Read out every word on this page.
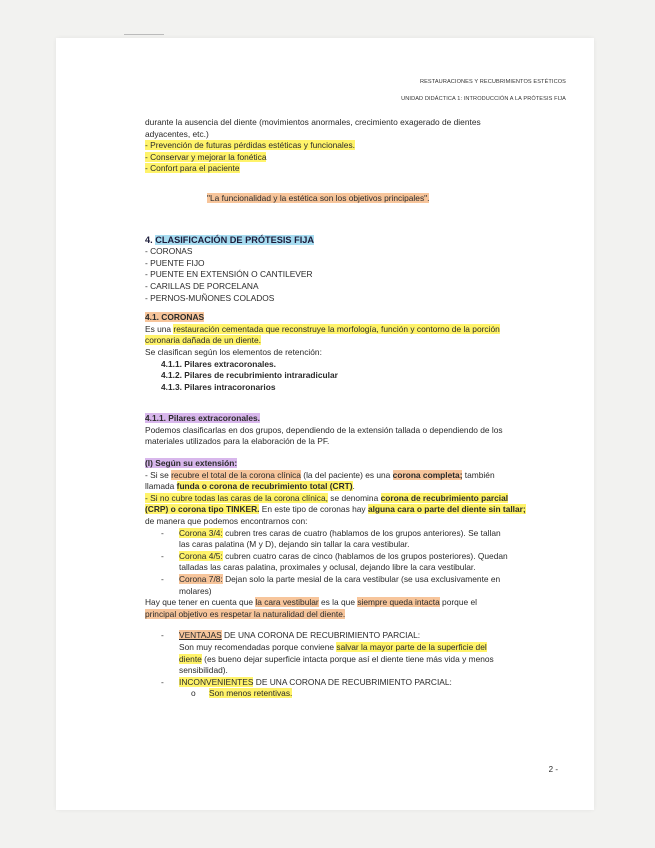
RESTAURACIONES Y RECUBRIMIENTOS ESTÉTICOS
UNIDAD DIDÁCTICA 1: INTRODUCCIÓN A LA PRÓTESIS FIJA
durante la ausencia del diente (movimientos anormales, crecimiento exagerado de dientes
adyacentes, etc.)
- Prevención de futuras pérdidas estéticas y funcionales.
- Conservar y mejorar la fonética
- Confort para el paciente
"La funcionalidad y la estética son los objetivos principales".
4. CLASIFICACIÓN DE PRÓTESIS FIJA
- CORONAS
- PUENTE FIJO
- PUENTE EN EXTENSIÓN O CANTILEVER
- CARILLAS DE PORCELANA
- PERNOS-MUÑONES COLADOS
4.1. CORONAS
Es una restauración cementada que reconstruye la morfología, función y contorno de la porción
coronaria dañada de un diente.
Se clasifican según los elementos de retención:
4.1.1. Pilares extracoronales.
4.1.2. Pilares de recubrimiento intraradicular
4.1.3. Pilares intracoronarios
4.1.1. Pilares extracoronales.
Podemos clasificarlas en dos grupos, dependiendo de la extensión tallada o dependiendo de los
materiales utilizados para la elaboración de la PF.
(I) Según su extensión:
- Si se recubre el total de la corona clínica (la del paciente) es una corona completa; también
llamada funda o corona de recubrimiento total (CRT).
- Si no cubre todas las caras de la corona clínica, se denomina corona de recubrimiento parcial
(CRP) o corona tipo TINKER. En este tipo de coronas hay alguna cara o parte del diente sin tallar;
de manera que podemos encontrarnos con:
- Corona 3/4: cubren tres caras de cuatro (hablamos de los grupos anteriores). Se tallan
las caras palatina (M y D), dejando sin tallar la cara vestibular.
- Corona 4/5: cubren cuatro caras de cinco (hablamos de los grupos posteriores). Quedan
talladas las caras palatina, proximales y oclusal, dejando libre la cara vestibular.
- Corona 7/8: Dejan solo la parte mesial de la cara vestibular (se usa exclusivamente en
molares)
Hay que tener en cuenta que la cara vestibular es la que siempre queda intacta porque el
principal objetivo es respetar la naturalidad del diente.
- VENTAJAS DE UNA CORONA DE RECUBRIMIENTO PARCIAL:
Son muy recomendadas porque conviene salvar la mayor parte de la superficie del
diente (es bueno dejar superficie intacta porque así el diente tiene más vida y menos
sensibilidad).
- INCONVENIENTES DE UNA CORONA DE RECUBRIMIENTO PARCIAL:
o Son menos retentivas.
2 -
